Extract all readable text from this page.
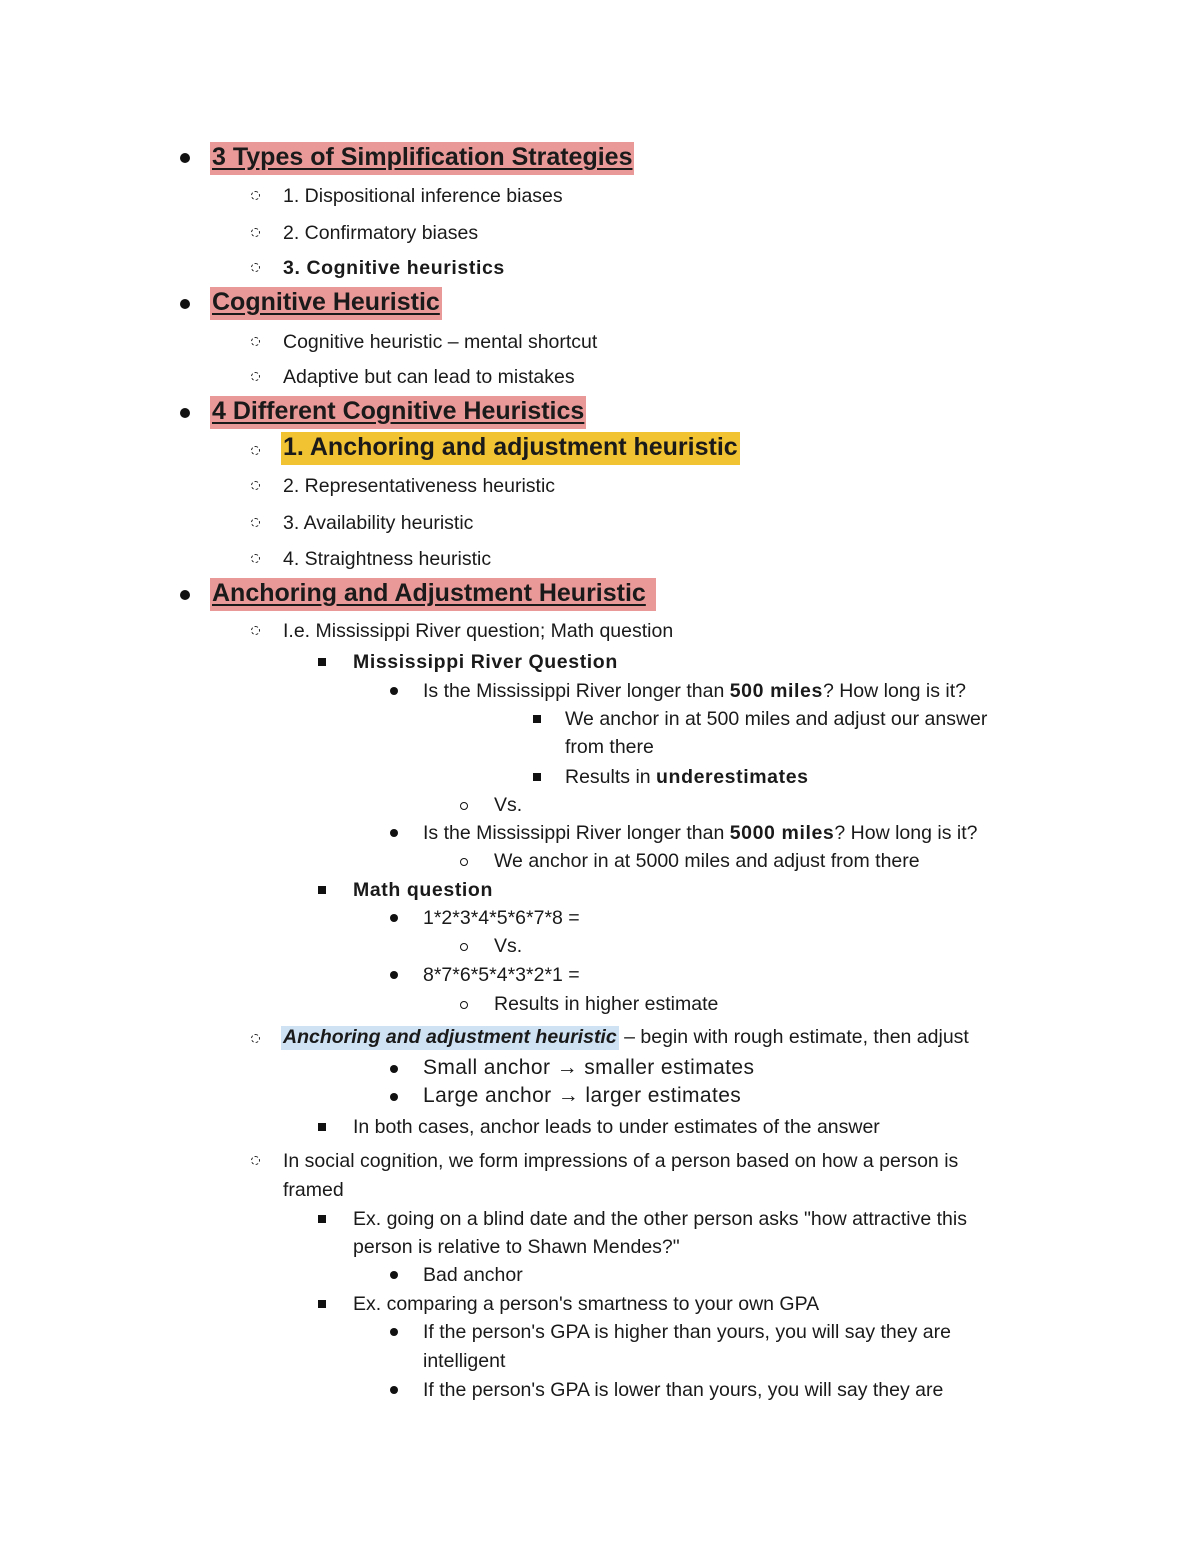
3 Types of Simplification Strategies
1. Dispositional inference biases
2. Confirmatory biases
3. Cognitive heuristics
Cognitive Heuristic
Cognitive heuristic – mental shortcut
Adaptive but can lead to mistakes
4 Different Cognitive Heuristics
1. Anchoring and adjustment heuristic
2. Representativeness heuristic
3. Availability heuristic
4. Straightness heuristic
Anchoring and Adjustment Heuristic
I.e. Mississippi River question; Math question
Mississippi River Question
Is the Mississippi River longer than 500 miles? How long is it?
We anchor in at 500 miles and adjust our answer
from there
Results in underestimates
Vs.
Is the Mississippi River longer than 5000 miles? How long is it?
We anchor in at 5000 miles and adjust from there
Math question
1*2*3*4*5*6*7*8 =
Vs.
8*7*6*5*4*3*2*1 =
Results in higher estimate
Anchoring and adjustment heuristic – begin with rough estimate, then adjust
Small anchor → smaller estimates
Large anchor → larger estimates
In both cases, anchor leads to under estimates of the answer
In social cognition, we form impressions of a person based on how a person is
framed
Ex. going on a blind date and the other person asks "how attractive this
person is relative to Shawn Mendes?"
Bad anchor
Ex. comparing a person's smartness to your own GPA
If the person's GPA is higher than yours, you will say they are
intelligent
If the person's GPA is lower than yours, you will say they are
